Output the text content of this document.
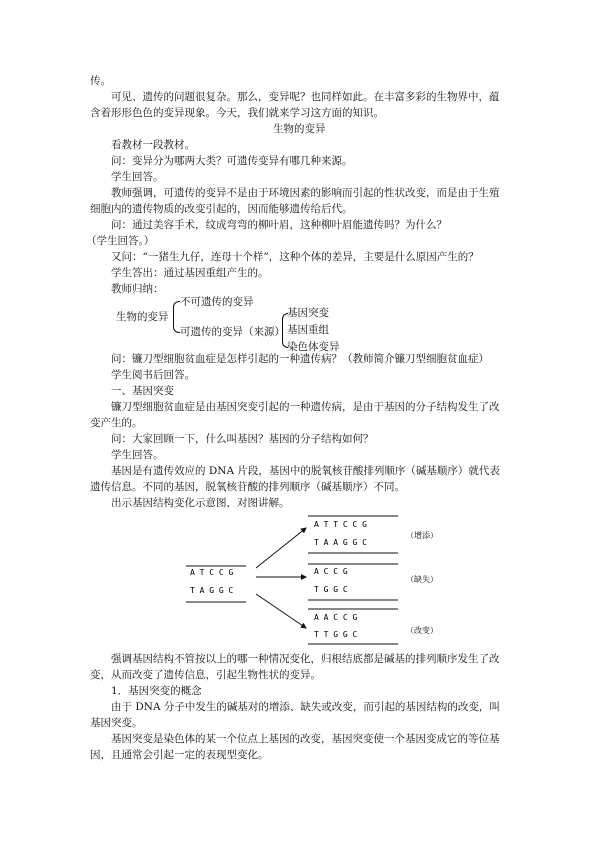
传。
可见、遗传的问题很复杂。那么，变异呢？也同样如此。在丰富多彩的生物界中，蕴
含着形形色色的变异现象。今天，我们就来学习这方面的知识。
生物的变异
看教材一段教材。
问：变异分为哪两大类？可遗传变异有哪几种来源。
学生回答。
教师强调，可遗传的变异不是由于环境因素的影响而引起的性状改变，而是由于生殖
细胞内的遗传物质的改变引起的，因而能够遗传给后代。
问：通过美容手术，纹成弯弯的柳叶眉，这种柳叶眉能遗传吗？为什么？
（学生回答。）
又问：“一猪生九仔，连母十个样”，这种个体的差异，主要是什么原因产生的？
学生答出：通过基因重组产生的。
教师归纳：
生物的变异
不可遗传的变异
可遗传的变异（来源）
基因突变
基因重组
染色体变异
问：镰刀型细胞贫血症是怎样引起的一种遗传病？（教师简介镰刀型细胞贫血症）
学生阅书后回答。
一、基因突变
镰刀型细胞贫血症是由基因突变引起的一种遗传病，是由于基因的分子结构发生了改
变产生的。
问：大家回顾一下，什么叫基因？基因的分子结构如何？
学生回答。
基因是有遗传效应的 DNA 片段，基因中的脱氧核苷酸排列顺序（碱基顺序）就代表
遗传信息。不同的基因，脱氧核苷酸的排列顺序（碱基顺序）不同。
出示基因结构变化示意图，对图讲解。
A T C C G
T A G G C
A T T C C G
T A A G G C
（增添）
A C C G
T G G C
（缺失）
A A C C G
T T G G C	（改变）
强调基因结构不管按以上的哪一种情况变化，归根结底都是碱基的排列顺序发生了改
变，从而改变了遗传信息，引起生物性状的变异。
1．基因突变的概念
由于 DNA 分子中发生的碱基对的增添、缺失或改变，而引起的基因结构的改变，叫
基因突变。
基因突变是染色体的某一个位点上基因的改变，基因突变使一个基因变成它的等位基
因，且通常会引起一定的表现型变化。
